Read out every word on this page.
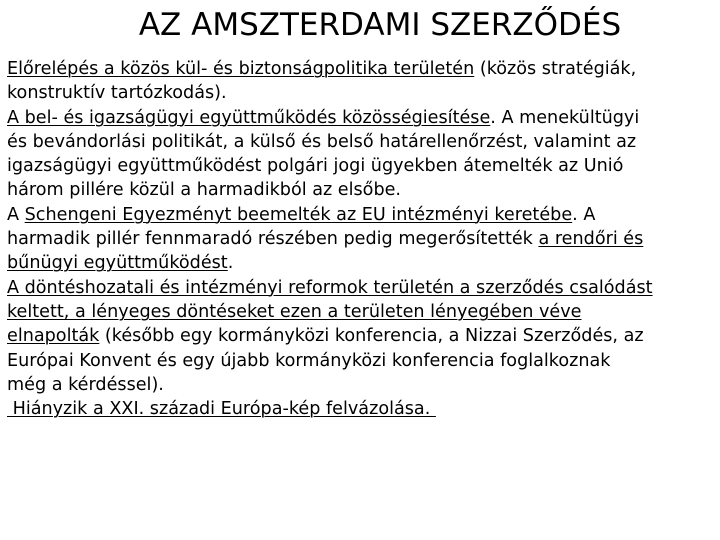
AZ AMSZTERDAMI SZERZŐDÉS
Előrelépés a közös kül- és biztonságpolitika területén (közös stratégiák,
konstruktív tartózkodás).
A bel- és igazságügyi együttműködés közösségiesítése. A menekültügyi
és bevándorlási politikát, a külső és belső határellenőrzést, valamint az
igazságügyi együttműködést polgári jogi ügyekben átemelték az Unió
három pillére közül a harmadikból az elsőbe.
A Schengeni Egyezményt beemelték az EU intézményi keretébe. A
harmadik pillér fennmaradó részében pedig megerősítették a rendőri és
bűnügyi együttműködést.
A döntéshozatali és intézményi reformok területén a szerződés csalódást
keltett, a lényeges döntéseket ezen a területen lényegében véve
elnapolták (később egy kormányközi konferencia, a Nizzai Szerződés, az
Európai Konvent és egy újabb kormányközi konferencia foglalkoznak
még a kérdéssel).
Hiányzik a XXI. századi Európa-kép felvázolása.
